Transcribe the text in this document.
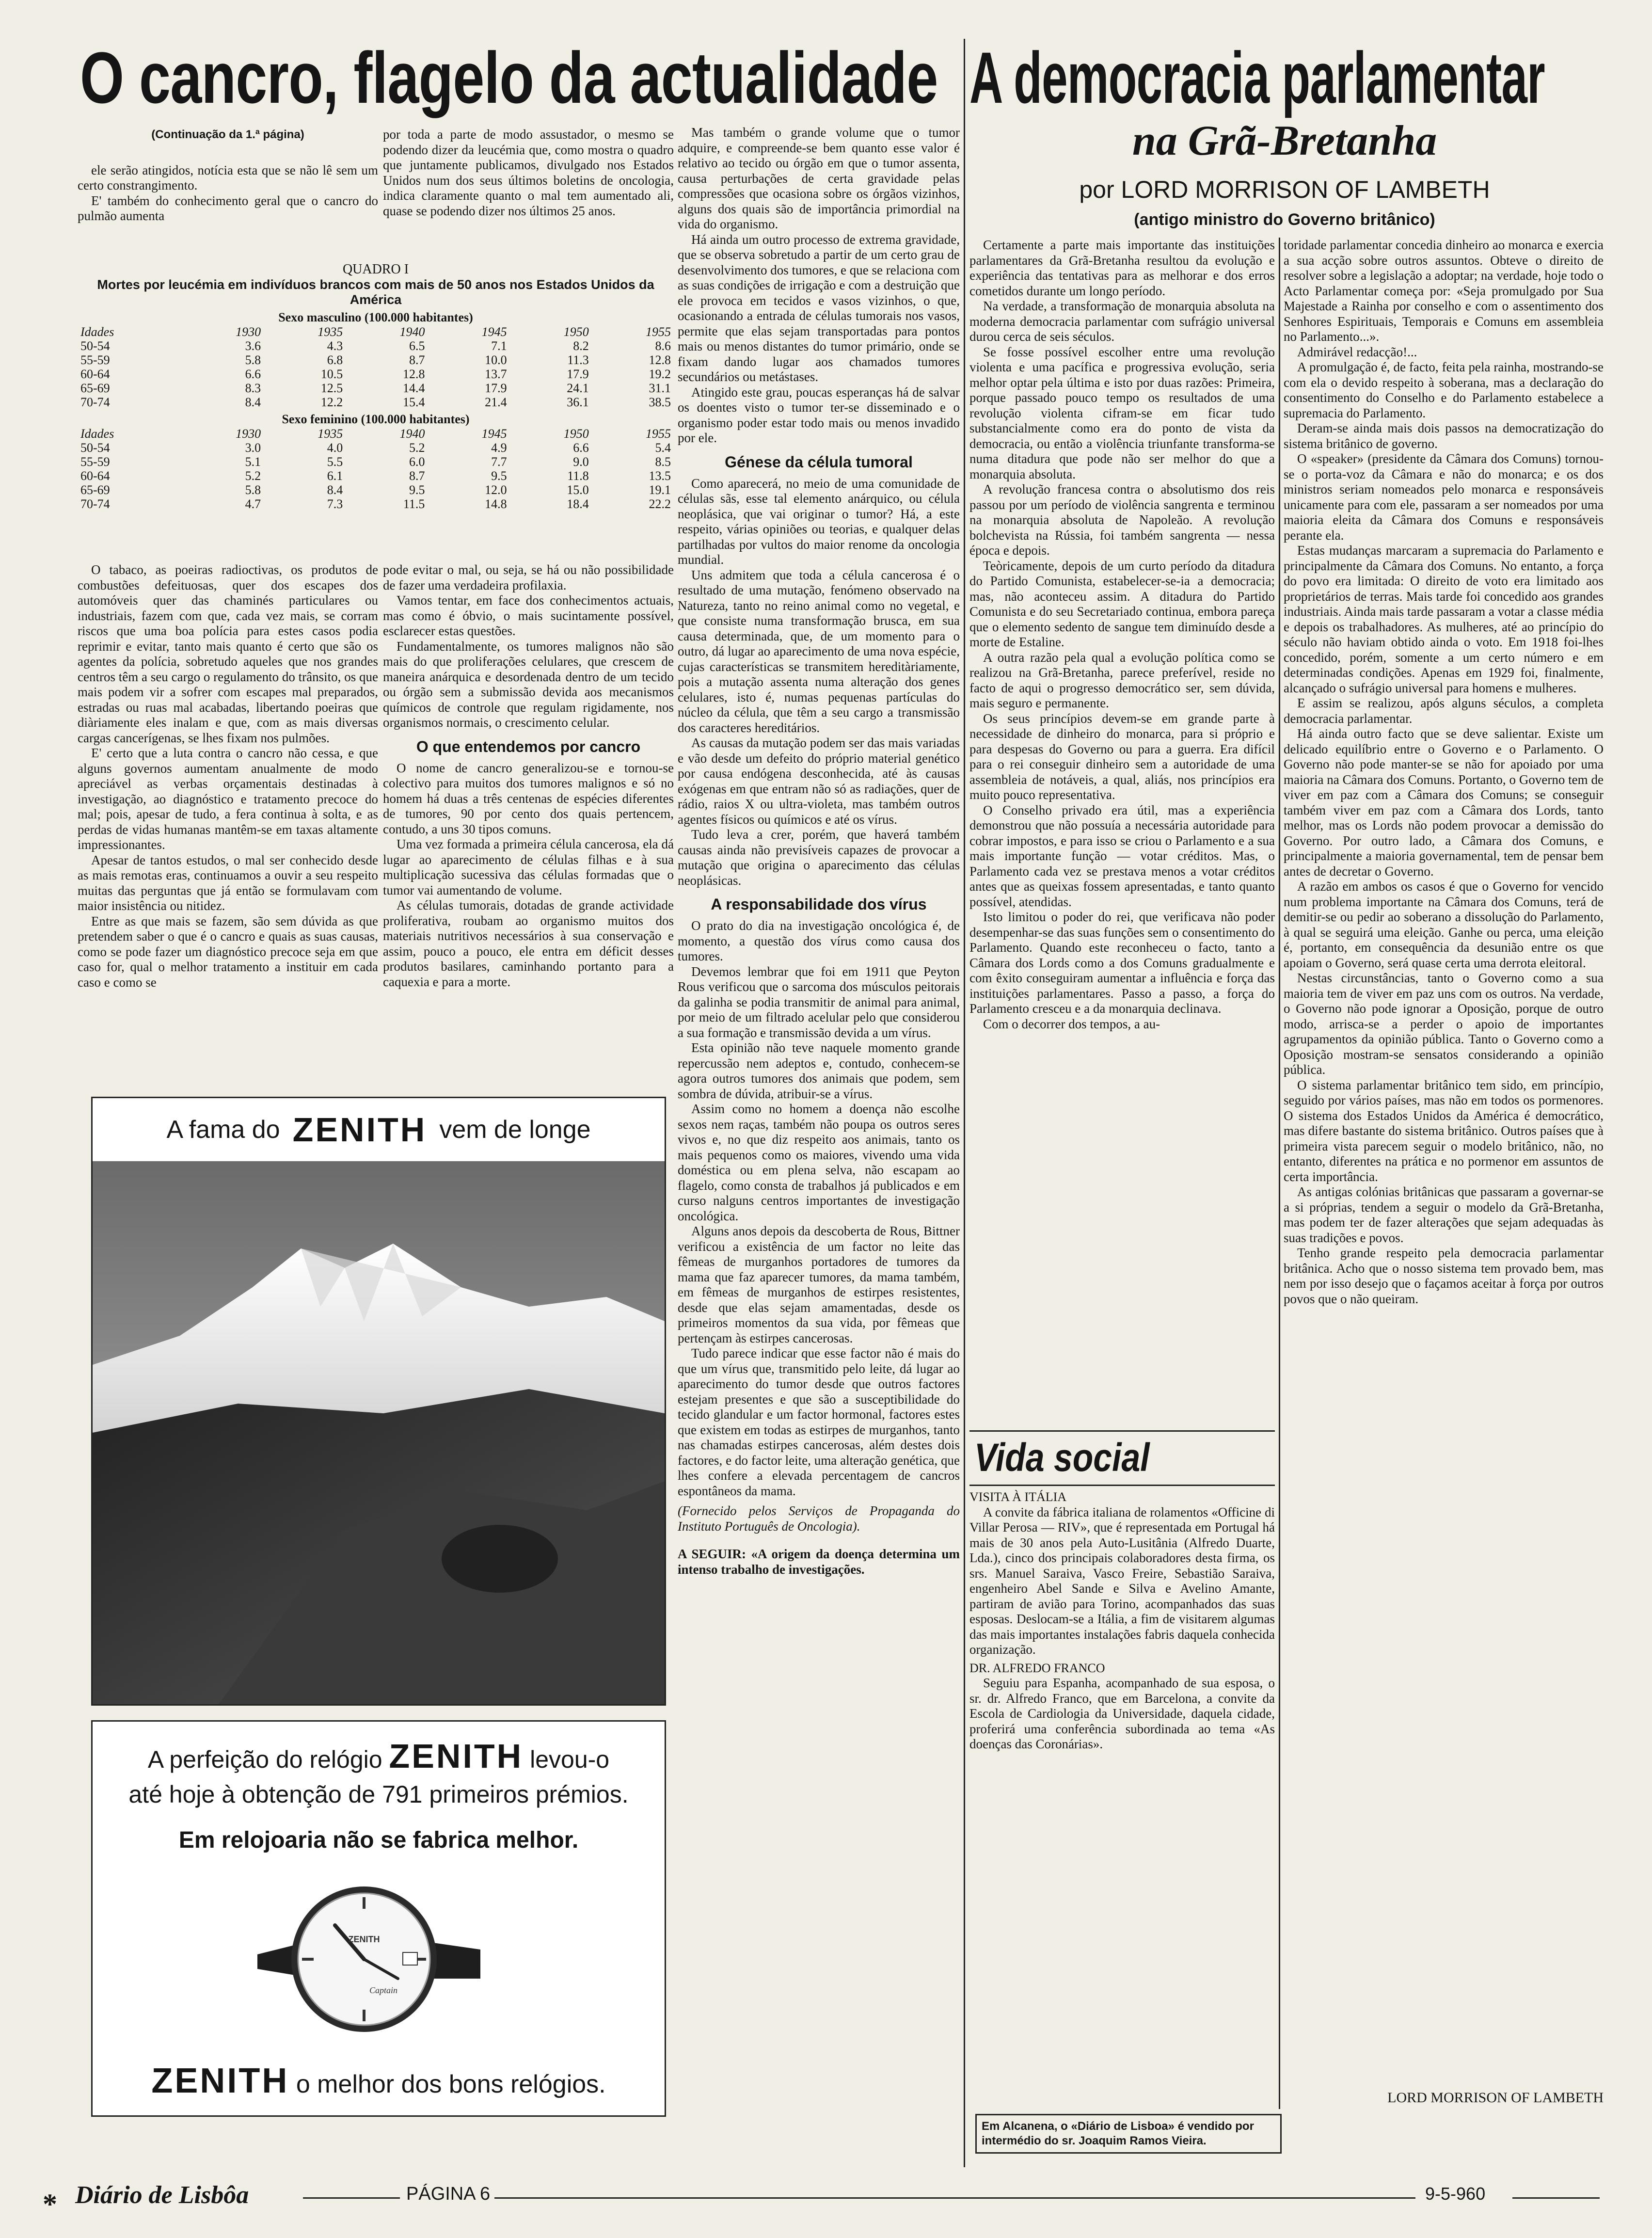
O cancro, flagelo da actualidade
(Continuação da 1.ª página)

ele serão atingidos, notícia esta que se não lê sem um certo constrangimento.

E' também do conhecimento geral que o cancro do pulmão aumenta

por toda a parte de modo assustador, o mesmo se podendo dizer da leucémia que, como mostra o quadro que juntamente publicamos, divulgado nos Estados Unidos num dos seus últimos boletins de oncologia, indica claramente quanto o mal tem aumentado ali, quase se podendo dizer nos últimos 25 anos.

Mas também o grande volume que o tumor adquire, e compreende-se bem quanto esse valor é relativo ao tecido ou órgão em que o tumor assenta, causa perturbações de certa gravidade pelas compressões que ocasiona sobre os órgãos vizinhos, alguns dos quais são de importância primordial na vida do organismo.

Há ainda um outro processo de extrema gravidade, que se observa sobretudo a partir de um certo grau de desenvolvimento dos tumores, e que se relaciona com as suas condições de irrigação e com a destruição que ele provoca em tecidos e vasos vizinhos, o que, ocasionando a entrada de células tumorais nos vasos, permite que elas sejam transportadas para pontos mais ou menos distantes do tumor primário, onde se fixam dando lugar aos chamados tumores secundários ou metástases.

Atingido este grau, poucas esperanças há de salvar os doentes visto o tumor ter-se disseminado e o organismo poder estar todo mais ou menos invadido por ele.

Génese da célula tumoral

Como aparecerá, no meio de uma comunidade de células sãs, esse tal elemento anárquico, ou célula neoplásica, que vai originar o tumor? Há, a este respeito, várias opiniões ou teorias, e qualquer delas partilhadas por vultos do maior renome da oncologia mundial.

Uns admitem que toda a célula cancerosa é o resultado de uma mutação, fenómeno observado na Natureza, tanto no reino animal como no vegetal, e que consiste numa transformação brusca, em sua causa determinada, que, de um momento para o outro, dá lugar ao aparecimento de uma nova espécie, cujas características se transmitem hereditàriamente, pois a mutação assenta numa alteração dos genes celulares, isto é, numas pequenas partículas do núcleo da célula, que têm a seu cargo a transmissão dos caracteres hereditários.

As causas da mutação podem ser das mais variadas e vão desde um defeito do próprio material genético por causa endógena desconhecida, até às causas exógenas em que entram não só as radiações, quer de rádio, raios X ou ultra-violeta, mas também outros agentes físicos ou químicos e até os vírus.

Tudo leva a crer, porém, que haverá também causas ainda não previsíveis capazes de provocar a mutação que origina o aparecimento das células neoplásicas.

A responsabilidade dos vírus

O prato do dia na investigação oncológica é, de momento, a questão dos vírus como causa dos tumores.

Devemos lembrar que foi em 1911 que Peyton Rous verificou que o sarcoma dos músculos peitorais da galinha se podia transmitir de animal para animal, por meio de um filtrado acelular pelo que considerou a sua formação e transmissão devida a um vírus.

Esta opinião não teve naquele momento grande repercussão nem adeptos e, contudo, conhecem-se agora outros tumores dos animais que podem, sem sombra de dúvida, atribuir-se a vírus.

Assim como no homem a doença não escolhe sexos nem raças, também não poupa os outros seres vivos e, no que diz respeito aos animais, tanto os mais pequenos como os maiores, vivendo uma vida doméstica ou em plena selva, não escapam ao flagelo, como consta de trabalhos já publicados e em curso nalguns centros importantes de investigação oncológica.

Alguns anos depois da descoberta de Rous, Bittner verificou a existência de um factor no leite das fêmeas de murganhos portadores de tumores da mama que faz aparecer tumores, da mama também, em fêmeas de murganhos de estirpes resistentes, desde que elas sejam amamentadas, desde os primeiros momentos da sua vida, por fêmeas que pertençam às estirpes cancerosas.

Tudo parece indicar que esse factor não é mais do que um vírus que, transmitido pelo leite, dá lugar ao aparecimento do tumor desde que outros factores estejam presentes e que são a susceptibilidade do tecido glandular e um factor hormonal, factores estes que existem em todas as estirpes de murganhos, tanto nas chamadas estirpes cancerosas, além destes dois factores, e do factor leite, uma alteração genética, que lhes confere a elevada percentagem de cancros espontâneos da mama.

(Fornecido pelos Serviços de Propaganda do Instituto Português de Oncologia).

A SEGUIR: «A origem da doença determina um intenso trabalho de investigações.

QUADRO I
Mortes por leucémia em indivíduos brancos com mais de 50 anos nos Estados Unidos da América
Sexo masculino (100.000 habitantes)
Idades	1930	1935	1940	1945	1950	1955
50-54	3.6	4.3	6.5	7.1	8.2	8.6
55-59	5.8	6.8	8.7	10.0	11.3	12.8
60-64	6.6	10.5	12.8	13.7	17.9	19.2
65-69	8.3	12.5	14.4	17.9	24.1	31.1
70-74	8.4	12.2	15.4	21.4	36.1	38.5
Sexo feminino (100.000 habitantes)
Idades	1930	1935	1940	1945	1950	1955
50-54	3.0	4.0	5.2	4.9	6.6	5.4
55-59	5.1	5.5	6.0	7.7	9.0	8.5
60-64	5.2	6.1	8.7	9.5	11.8	13.5
65-69	5.8	8.4	9.5	12.0	15.0	19.1
70-74	4.7	7.3	11.5	14.8	18.4	22.2

O tabaco, as poeiras radioctivas, os produtos de combustões defeituosas, quer dos escapes dos automóveis quer das chaminés particulares ou industriais, fazem com que, cada vez mais, se corram riscos que uma boa polícia para estes casos podia reprimir e evitar, tanto mais quanto é certo que são os agentes da polícia, sobretudo aqueles que nos grandes centros têm a seu cargo o regulamento do trânsito, os que mais podem vir a sofrer com escapes mal preparados, estradas ou ruas mal acabadas, libertando poeiras que diàriamente eles inalam e que, com as mais diversas cargas cancerígenas, se lhes fixam nos pulmões.

E' certo que a luta contra o cancro não cessa, e que alguns governos aumentam anualmente de modo apreciável as verbas orçamentais destinadas à investigação, ao diagnóstico e tratamento precoce do mal; pois, apesar de tudo, a fera continua à solta, e as perdas de vidas humanas mantêm-se em taxas altamente impressionantes.

Apesar de tantos estudos, o mal ser conhecido desde as mais remotas eras, continuamos a ouvir a seu respeito muitas das perguntas que já então se formulavam com maior insistência ou nitidez.

Entre as que mais se fazem, são sem dúvida as que pretendem saber o que é o cancro e quais as suas causas, como se pode fazer um diagnóstico precoce seja em que caso for, qual o melhor tratamento a instituir em cada caso e como se

pode evitar o mal, ou seja, se há ou não possibilidade de fazer uma verdadeira profilaxia.

Vamos tentar, em face dos conhecimentos actuais, mas como é óbvio, o mais sucintamente possível, esclarecer estas questões.

Fundamentalmente, os tumores malignos não são mais do que proliferações celulares, que crescem de maneira anárquica e desordenada dentro de um tecido ou órgão sem a submissão devida aos mecanismos químicos de controle que regulam rigidamente, nos organismos normais, o crescimento celular.

O que entendemos por cancro

O nome de cancro generalizou-se e tornou-se colectivo para muitos dos tumores malignos e só no homem há duas a três centenas de espécies diferentes de tumores, 90 por cento dos quais pertencem, contudo, a uns 30 tipos comuns.

Uma vez formada a primeira célula cancerosa, ela dá lugar ao aparecimento de células filhas e à sua multiplicação sucessiva das células formadas que o tumor vai aumentando de volume.

As células tumorais, dotadas de grande actividade proliferativa, roubam ao organismo muitos dos materiais nutritivos necessários à sua conservação e assim, pouco a pouco, ele entra em déficit desses produtos basilares, caminhando portanto para a caquexia e para a morte.

A fama do ZENITH vem de longe
A perfeição do relógio ZENITH levou-o
até hoje à obtenção de 791 primeiros prémios.
Em relojoaria não se fabrica melhor.
ZENITH
Captain
ZENITH o melhor dos bons relógios.
A democracia parlamentar
na Grã-Bretanha
por LORD MORRISON OF LAMBETH
(antigo ministro do Governo britânico)

Certamente a parte mais importante das instituições parlamentares da Grã-Bretanha resultou da evolução e experiência das tentativas para as melhorar e dos erros cometidos durante um longo período.

Na verdade, a transformação de monarquia absoluta na moderna democracia parlamentar com sufrágio universal durou cerca de seis séculos.

Se fosse possível escolher entre uma revolução violenta e uma pacífica e progressiva evolução, seria melhor optar pela última e isto por duas razões: Primeira, porque passado pouco tempo os resultados de uma revolução violenta cifram-se em ficar tudo substancialmente como era do ponto de vista da democracia, ou então a violência triunfante transforma-se numa ditadura que pode não ser melhor do que a monarquia absoluta.

A revolução francesa contra o absolutismo dos reis passou por um período de violência sangrenta e terminou na monarquia absoluta de Napoleão. A revolução bolchevista na Rússia, foi também sangrenta — nessa época e depois.

Teòricamente, depois de um curto período da ditadura do Partido Comunista, estabelecer-se-ia a democracia; mas, não aconteceu assim. A ditadura do Partido Comunista e do seu Secretariado continua, embora pareça que o elemento sedento de sangue tem diminuído desde a morte de Estaline.

A outra razão pela qual a evolução política como se realizou na Grã-Bretanha, parece preferível, reside no facto de aqui o progresso democrático ser, sem dúvida, mais seguro e permanente.

Os seus princípios devem-se em grande parte à necessidade de dinheiro do monarca, para si próprio e para despesas do Governo ou para a guerra. Era difícil para o rei conseguir dinheiro sem a autoridade de uma assembleia de notáveis, a qual, aliás, nos princípios era muito pouco representativa.

O Conselho privado era útil, mas a experiência demonstrou que não possuía a necessária autoridade para cobrar impostos, e para isso se criou o Parlamento e a sua mais importante função — votar créditos. Mas, o Parlamento cada vez se prestava menos a votar créditos antes que as queixas fossem apresentadas, e tanto quanto possível, atendidas.

Isto limitou o poder do rei, que verificava não poder desempenhar-se das suas funções sem o consentimento do Parlamento. Quando este reconheceu o facto, tanto a Câmara dos Lords como a dos Comuns gradualmente e com êxito conseguiram aumentar a influência e força das instituições parlamentares. Passo a passo, a força do Parlamento cresceu e a da monarquia declinava.

Com o decorrer dos tempos, a au-

toridade parlamentar concedia dinheiro ao monarca e exercia a sua acção sobre outros assuntos. Obteve o direito de resolver sobre a legislação a adoptar; na verdade, hoje todo o Acto Parlamentar começa por: «Seja promulgado por Sua Majestade a Rainha por conselho e com o assentimento dos Senhores Espirituais, Temporais e Comuns em assembleia no Parlamento...».

Admirável redacção!...

A promulgação é, de facto, feita pela rainha, mostrando-se com ela o devido respeito à soberana, mas a declaração do consentimento do Conselho e do Parlamento estabelece a supremacia do Parlamento.

Deram-se ainda mais dois passos na democratização do sistema britânico de governo.

O «speaker» (presidente da Câmara dos Comuns) tornou-se o porta-voz da Câmara e não do monarca; e os dos ministros seriam nomeados pelo monarca e responsáveis unicamente para com ele, passaram a ser nomeados por uma maioria eleita da Câmara dos Comuns e responsáveis perante ela.

Estas mudanças marcaram a supremacia do Parlamento e principalmente da Câmara dos Comuns. No entanto, a força do povo era limitada: O direito de voto era limitado aos proprietários de terras. Mais tarde foi concedido aos grandes industriais. Ainda mais tarde passaram a votar a classe média e depois os trabalhadores. As mulheres, até ao princípio do século não haviam obtido ainda o voto. Em 1918 foi-lhes concedido, porém, somente a um certo número e em determinadas condições. Apenas em 1929 foi, finalmente, alcançado o sufrágio universal para homens e mulheres.

E assim se realizou, após alguns séculos, a completa democracia parlamentar.

Há ainda outro facto que se deve salientar. Existe um delicado equilíbrio entre o Governo e o Parlamento. O Governo não pode manter-se se não for apoiado por uma maioria na Câmara dos Comuns. Portanto, o Governo tem de viver em paz com a Câmara dos Comuns; se conseguir também viver em paz com a Câmara dos Lords, tanto melhor, mas os Lords não podem provocar a demissão do Governo. Por outro lado, a Câmara dos Comuns, e principalmente a maioria governamental, tem de pensar bem antes de decretar o Governo.

A razão em ambos os casos é que o Governo for vencido num problema importante na Câmara dos Comuns, terá de demitir-se ou pedir ao soberano a dissolução do Parlamento, à qual se seguirá uma eleição. Ganhe ou perca, uma eleição é, portanto, em consequência da desunião entre os que apoiam o Governo, será quase certa uma derrota eleitoral.

Nestas circunstâncias, tanto o Governo como a sua maioria tem de viver em paz uns com os outros. Na verdade, o Governo não pode ignorar a Oposição, porque de outro modo, arrisca-se a perder o apoio de importantes agrupamentos da opinião pública. Tanto o Governo como a Oposição mostram-se sensatos considerando a opinião pública.

O sistema parlamentar britânico tem sido, em princípio, seguido por vários países, mas não em todos os pormenores. O sistema dos Estados Unidos da América é democrático, mas difere bastante do sistema britânico. Outros países que à primeira vista parecem seguir o modelo britânico, não, no entanto, diferentes na prática e no pormenor em assuntos de certa importância.

As antigas colónias britânicas que passaram a governar-se a si próprias, tendem a seguir o modelo da Grã-Bretanha, mas podem ter de fazer alterações que sejam adequadas às suas tradições e povos.

Tenho grande respeito pela democracia parlamentar britânica. Acho que o nosso sistema tem provado bem, mas nem por isso desejo que o façamos aceitar à força por outros povos que o não queiram.

LORD MORRISON OF LAMBETH
Vida social
VISITA À ITÁLIA

A convite da fábrica italiana de rolamentos «Officine di Villar Perosa — RIV», que é representada em Portugal há mais de 30 anos pela Auto-Lusitânia (Alfredo Duarte, Lda.), cinco dos principais colaboradores desta firma, os srs. Manuel Saraiva, Vasco Freire, Sebastião Saraiva, engenheiro Abel Sande e Silva e Avelino Amante, partiram de avião para Torino, acompanhados das suas esposas. Deslocam-se a Itália, a fim de visitarem algumas das mais importantes instalações fabris daquela conhecida organização.

DR. ALFREDO FRANCO

Seguiu para Espanha, acompanhado de sua esposa, o sr. dr. Alfredo Franco, que em Barcelona, a convite da Escola de Cardiologia da Universidade, daquela cidade, proferirá uma conferência subordinada ao tema «As doenças das Coronárias».

Em Alcanena, o «Diário de Lisboa» é vendido por intermédio do sr. Joaquim Ramos Vieira.
* Diário de Lisbôa	PÁGINA 6	9-5-960
